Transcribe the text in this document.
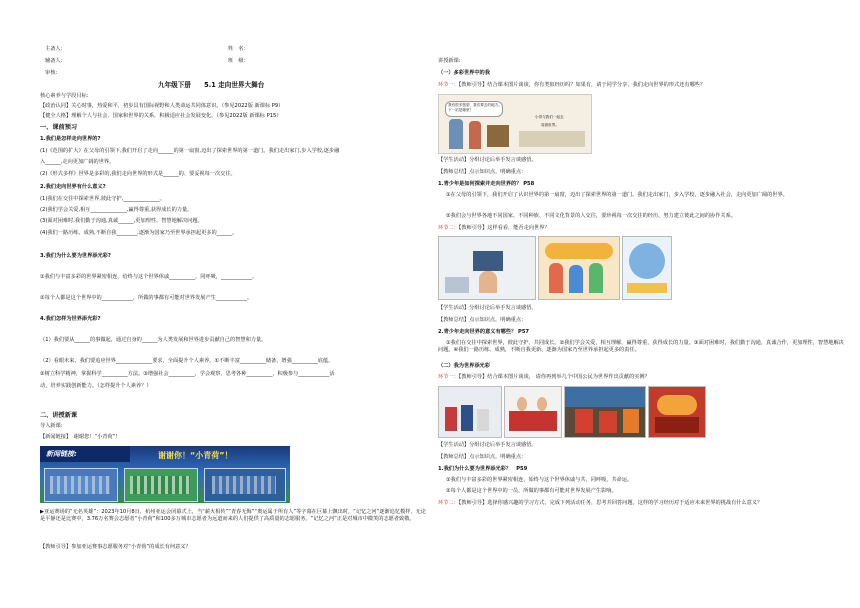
主备人:	姓　名：
辅备人:	班　级：
审核:
九年级下册　　5.1 走向世界大舞台
核心素养与学段目标:
【政治认同】关心时事，热爱和平，初步具有国际视野和人类命运共同体意识。（参见2022版 新课标 P9）
【健全人格】理解个人与社会、国家和世界的关系，积极适应社会发展变化。（参见2022版 新课标 P15）
一、课前预习
1.我们是怎样走向世界的?
(1)《范围的扩大》在父母的引领下,我们开启了走向______的第一扇窗,迈出了探索世界的第一道门。我们走出家门,步入学校,逐步融
入______,走向更加广阔的世界。
(2)《形式多样》世界是多彩的,我们走向世界的形式是______的、要妥视每一次交往。
2.我们走向世界有什么意义?
(1)我们在交往中探索世界,彼此守护,______________。
(2)我们学会关爱,相互______________,赢得尊重,获得成长的力量。
(3)面对困难时,我们勤于沟通,真诚______,更加理性、智慧地解决问题。
(4)我们一路历练、成熟,不断自我________,逐渐为国家乃至世界承担起更多的______。
3.我们为什么要为世界添光彩?
①我们与丰富多彩的世界紧密相连，给终与这个世界休戚__________，同呼吸，____________。
②每个人都是这个世界中的____________，所做的事都有可能对世界发展产生____________。
4.我们怎样为世界添光彩?
（1）我们要从______的事做起，通过自身的______为人类发展和世界进步贡献自己的智慧和力量。
（2）看眼未来，我们要追应世界______________要求，全面提升个人素养。①不断丰富__________储备，增强__________底蕴。
②树立科学精神，掌握科学__________方法。③增强社会__________，学会观察、思考各种__________，积极参与____________活
动，培养实践创新能力。（怎样提升个人素养？）
二、讲授新课
导入新课:
【新闻链接】　谢谢您！“小青荷”！
新闻链接:	谢谢你！“小青荷”！
▶亚运赛场的“无名英雄”：2023年10月8日，杭州亚运会闭幕式上，当“薪火相传”“青春无悔”“奥运属于所有人”等字幕在巨幕上飘出时，“记忆之河”逐渐追忆模样，无论是平静还是比赛中，3.76万名赛会志愿者“小青荷”和100多万城市志愿者为远道而来的人们提供了高质量的志愿服务。“记忆之河”正是对城市中微笑的志愿者致敬。
【教师引导】参加亚运赛事志愿服务对“小青荷”的成长有何意义？
讲授新课:
（一）多彩世界中的我
环节一：【教师引导】结合课本图片谈谈，你有类似经历吗？如果有，请于同学分享，我们走向世界的形式还有哪些？
我有很多愿望，我们要去的地方。
下一站是哪里？
小青与我们一起去
周游世界。
【学生活动】分组讨论后举手发言谈感悟。
【教师总结】点示知识点，明确重点：
1.青少年是如何探索并走向世界的？ P58
①在父母的引领下，我们开启了认识世界的第一扇窗，迈出了探索世界的第一道门。我们走出家门，步入学校，逐步融入社会，走向更加广阔的世界。
②我们会与世界各地不同国家、不同种族、不同文化背景的人交往，要珍视每一次交往的经历，努力建立彼此之间的协作关系。
环节二：【教师引导】这样看看，能否走向世界？
【学生活动】分组讨论后举手发言谈感悟。
【教师总结】点示知识点，明确重点：
2.青少年走向世界的意义有哪些？ P57
①我们在交往中探索世界，彼此守护，共同成长。②我们学会关爱，相互理解，赢得尊重，获得成长的力量。③面对困难时，我们勤于沟通，真诚合作，更加理性，智慧地解决问题。④我们一路历练、成熟，不断自我更新，逐渐为国家乃至世界承担起更多的责任。
（二）我为世界添光彩
环节一：【教师引导】结合课本图片谈谈， 请你再列举几个中国公民为世界作出贡献的实例？
【学生活动】分组讨论后举手发言谈感悟。
【教师总结】点示知识点，明确重点：
1.我们为什么要为世界添光彩？　P59
①我们与丰富多彩的世界紧密相连，始终与这个世界休戚与共，同呼吸，共命运。
②每个人都是这个世界中的一员，所做的事都有可能对世界发展产生影响。
环节二：【教师引导】选择你感兴趣的学习方式，完成下列活动任务，思考并回答问题，这样的学习经历对于适应未来世界的挑战有什么意义？
